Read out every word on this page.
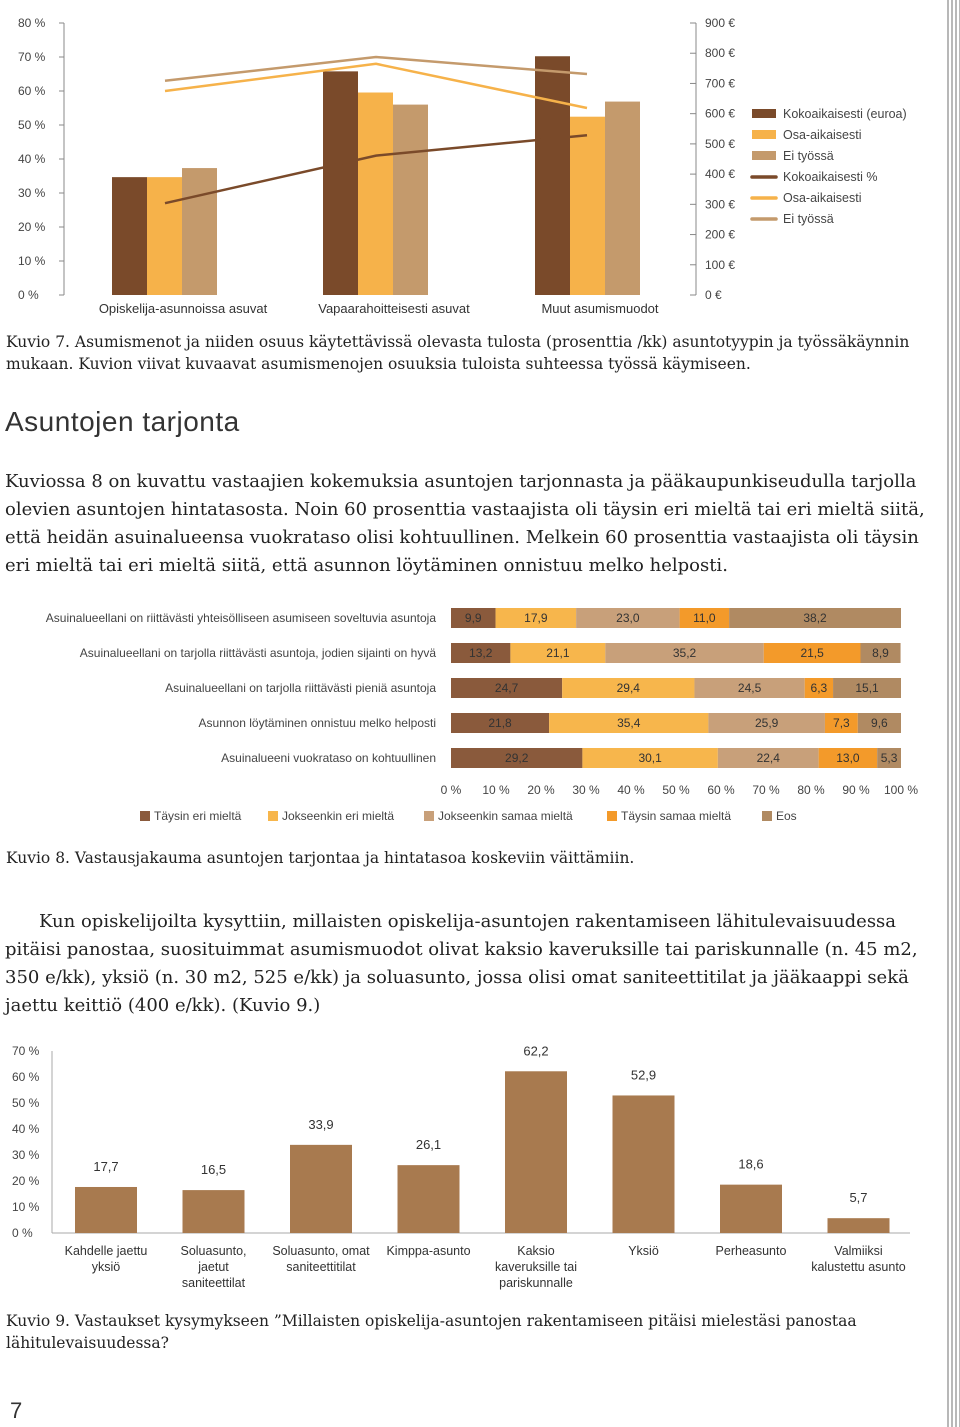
0 %
10 %
20 %
30 %
40 %
50 %
60 %
70 %
80 %
0 €
100 €
200 €
300 €
400 €
500 €
600 €
700 €
800 €
900 €
Opiskelija-asunnoissa asuvat	Vapaarahoitteisesti asuvat	Muut asumismuodot
Kokoaikaisesti (euroa)
Osa-aikaisesti
Ei työssä
Kokoaikaisesti %
Osa-aikaisesti
Ei työssä
Kuvio 7. Asumismenot ja niiden osuus käytettävissä olevasta tulosta (prosenttia /kk) asuntotyypin ja työssäkäynnin mukaan. Kuvion viivat kuvaavat asumismenojen osuuksia tuloista suhteessa työssä käymiseen.
Asuntojen tarjonta
Kuviossa 8 on kuvattu vastaajien kokemuksia asuntojen tarjonnasta ja pääkaupunkiseudulla tarjolla olevien asuntojen hintatasosta. Noin 60 prosenttia vastaajista oli täysin eri mieltä tai eri mieltä siitä, että heidän asuinalueensa vuokrataso olisi kohtuullinen. Melkein 60 prosenttia vastaajista oli täysin eri mieltä tai eri mieltä siitä, että asunnon löytäminen onnistuu melko helposti.
Asuinalueellani on riittävästi yhteisölliseen asumiseen soveltuvia asuntoja 9,9	17,9	23,0	11,0	38,2
Asuinalueellani on tarjolla riittävästi asuntoja, jodien sijainti on hyvä	13,2	21,1	35,2	21,5	8,9
Asuinalueellani on tarjolla riittävästi pieniä asuntoja	24,7	29,4	24,5	6,3 15,1
Asunnon löytäminen onnistuu melko helposti	21,8	35,4	25,9	7,3 9,6
Asuinalueeni vuokrataso on kohtuullinen	29,2	30,1	22,4	13,0 5,3
0 % 10 % 20 % 30 % 40 % 50 % 60 % 70 % 80 % 90 % 100 %
Täysin eri mieltä	Jokseenkin eri mieltä	Jokseenkin samaa mieltä	Täysin samaa mieltä	Eos
Kuvio 8. Vastausjakauma asuntojen tarjontaa ja hintatasoa koskeviin väittämiin.
Kun opiskelijoilta kysyttiin, millaisten opiskelija-asuntojen rakentamiseen lähitulevaisuudessa pitäisi panostaa, suosituimmat asumismuodot olivat kaksio kaveruksille tai pariskunnalle (n. 45 m2, 350 e/kk), yksiö (n. 30 m2, 525 e/kk) ja soluasunto, jossa olisi omat saniteettitilat ja jääkaappi sekä jaettu keittiö (400 e/kk). (Kuvio 9.)
0 %
10 %
20 %
30 %
40 %
50 %
60 %
70 %
17,7
Kahdelle jaettu
yksiö
16,5
Soluasunto,
jaetut
saniteettilat
33,9
Soluasunto, omat
saniteettitilat
26,1
Kimppa-asunto
62,2
Kaksio
kaveruksille tai
pariskunnalle
52,9
Yksiö
18,6
Perheasunto
5,7
Valmiiksi
kalustettu asunto
Kuvio 9. Vastaukset kysymykseen ”Millaisten opiskelija-asuntojen rakentamiseen pitäisi mielestäsi panostaa lähitulevaisuudessa?
7
